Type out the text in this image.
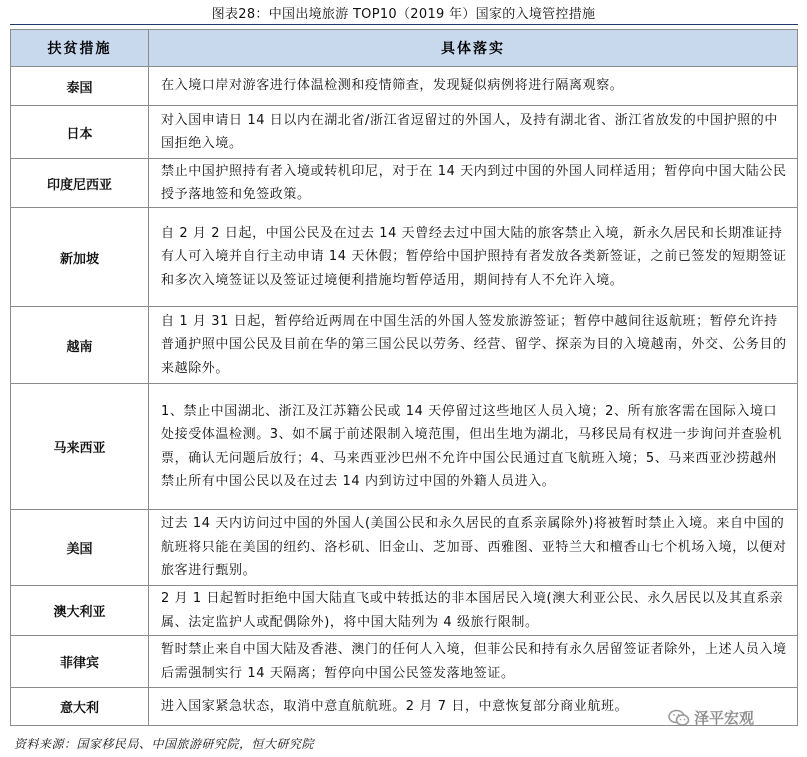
图表28：中国出境旅游 TOP10（2019 年）国家的入境管控措施
扶贫措施	具体落实
泰国	在入境口岸对游客进行体温检测和疫情筛查，发现疑似病例将进行隔离观察。
日本	对入国申请日 14 日以内在湖北省/浙江省逗留过的外国人，及持有湖北省、浙江省放发的中国护照的中国拒绝入境。
印度尼西亚	禁止中国护照持有者入境或转机印尼，对于在 14 天内到过中国的外国人同样适用；暂停向中国大陆公民授予落地签和免签政策。
新加坡	自 2 月 2 日起，中国公民及在过去 14 天曾经去过中国大陆的旅客禁止入境，新永久居民和长期准证持有人可入境并自行主动申请 14 天休假；暂停给中国护照持有者发放各类新签证，之前已签发的短期签证和多次入境签证以及签证过境便利措施均暂停适用，期间持有人不允许入境。
越南	自 1 月 31 日起，暂停给近两周在中国生活的外国人签发旅游签证；暂停中越间往返航班；暂停允许持普通护照中国公民及目前在华的第三国公民以劳务、经营、留学、探亲为目的入境越南，外交、公务目的来越除外。
马来西亚	1、禁止中国湖北、浙江及江苏籍公民或 14 天停留过这些地区人员入境；2、所有旅客需在国际入境口处接受体温检测。3、如不属于前述限制入境范围，但出生地为湖北，马移民局有权进一步询问并查验机票，确认无问题后放行；4、马来西亚沙巴州不允许中国公民通过直飞航班入境；5、马来西亚沙捞越州禁止所有中国公民以及在过去 14 内到访过中国的外籍人员进入。
美国	过去 14 天内访问过中国的外国人(美国公民和永久居民的直系亲属除外)将被暂时禁止入境。来自中国的航班将只能在美国的纽约、洛杉矶、旧金山、芝加哥、西雅图、亚特兰大和檀香山七个机场入境，以便对旅客进行甄别。
澳大利亚	2 月 1 日起暂时拒绝中国大陆直飞或中转抵达的非本国居民入境(澳大利亚公民、永久居民以及其直系亲属、法定监护人或配偶除外)，将中国大陆列为 4 级旅行限制。
菲律宾	暂时禁止来自中国大陆及香港、澳门的任何人入境，但菲公民和持有永久居留签证者除外，上述人员入境后需强制实行 14 天隔离；暂停向中国公民签发落地签证。
意大利	进入国家紧急状态，取消中意直航航班。2 月 7 日，中意恢复部分商业航班。
资料来源：国家移民局、中国旅游研究院，恒大研究院
泽平宏观
